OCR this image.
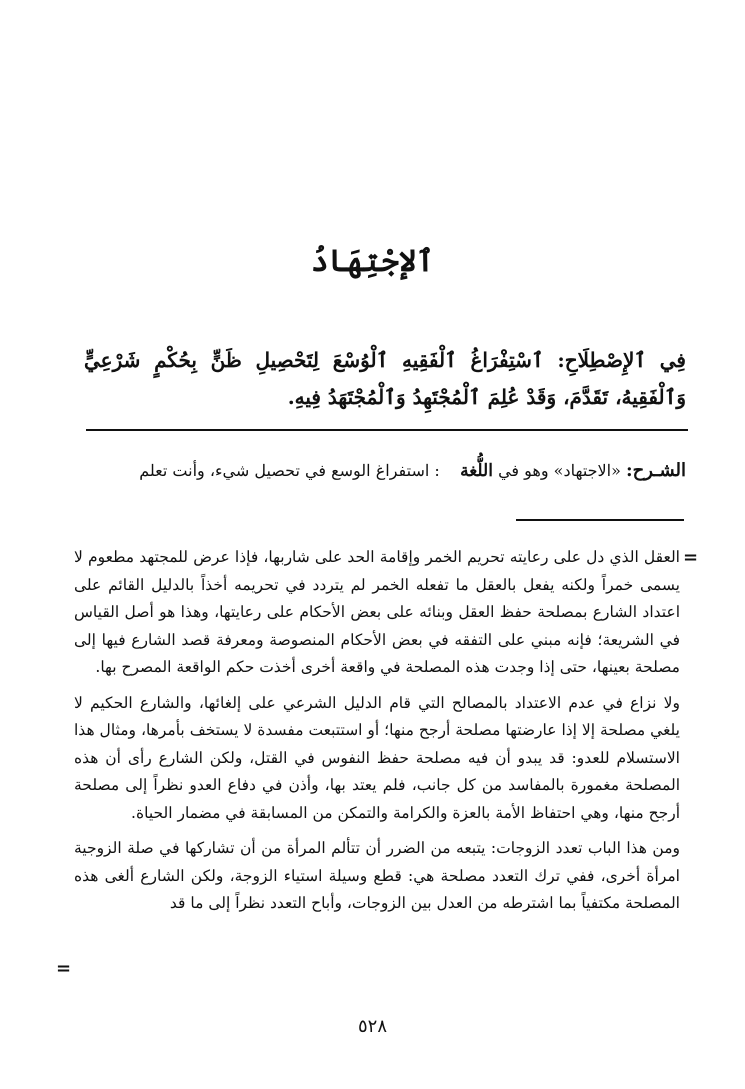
ٱلإجْتِهَادُ
فِي ٱلإِصْطِلَاحِ: ٱسْتِفْرَاغُ ٱلْفَقِيهِ ٱلْوُسْعَ لِتَحْصِيلِ ظَنٍّ بِحُكْمٍ شَرْعِيٍّ وَٱلْفَقِيهُ، تَقَدَّمَ، وَقَدْ عُلِمَ ٱلْمُجْتَهِدُ وَٱلْمُجْتَهَدُ فِيهِ.
الشـرح: «الاجتهاد» وهو في اللُّغة    : استفراغ الوسع في تحصيل شيء، وأنت تعلم
=

العقل الذي دل على رعايته تحريم الخمر وإقامة الحد على شاربها، فإذا عرض للمجتهد مطعوم لا يسمى خمراً ولكنه يفعل بالعقل ما تفعله الخمر لم يتردد في تحريمه أخذاً بالدليل القائم على اعتداد الشارع بمصلحة حفظ العقل وبنائه على بعض الأحكام على رعايتها، وهذا هو أصل القياس في الشريعة؛ فإنه مبني على التفقه في بعض الأحكام المنصوصة ومعرفة قصد الشارع فيها إلى مصلحة بعينها، حتى إذا وجدت هذه المصلحة في واقعة أخرى أخذت حكم الواقعة المصرح بها.

ولا نزاع في عدم الاعتداد بالمصالح التي قام الدليل الشرعي على إلغائها، والشارع الحكيم لا يلغي مصلحة إلا إذا عارضتها مصلحة أرجح منها؛ أو استتبعت مفسدة لا يستخف بأمرها، ومثال هذا الاستسلام للعدو: قد يبدو أن فيه مصلحة حفظ النفوس في القتل، ولكن الشارع رأى أن هذه المصلحة مغمورة بالمفاسد من كل جانب، فلم يعتد بها، وأذن في دفاع العدو نظراً إلى مصلحة أرجح منها، وهي احتفاظ الأمة بالعزة والكرامة والتمكن من المسابقة في مضمار الحياة.

ومن هذا الباب تعدد الزوجات: يتبعه من الضرر أن تتألم المرأة من أن تشاركها في صلة الزوجية امرأة أخرى، ففي ترك التعدد مصلحة هي: قطع وسيلة استياء الزوجة، ولكن الشارع ألغى هذه المصلحة مكتفياً بما اشترطه من العدل بين الزوجات، وأباح التعدد نظراً إلى ما قد

=
٥٢٨
